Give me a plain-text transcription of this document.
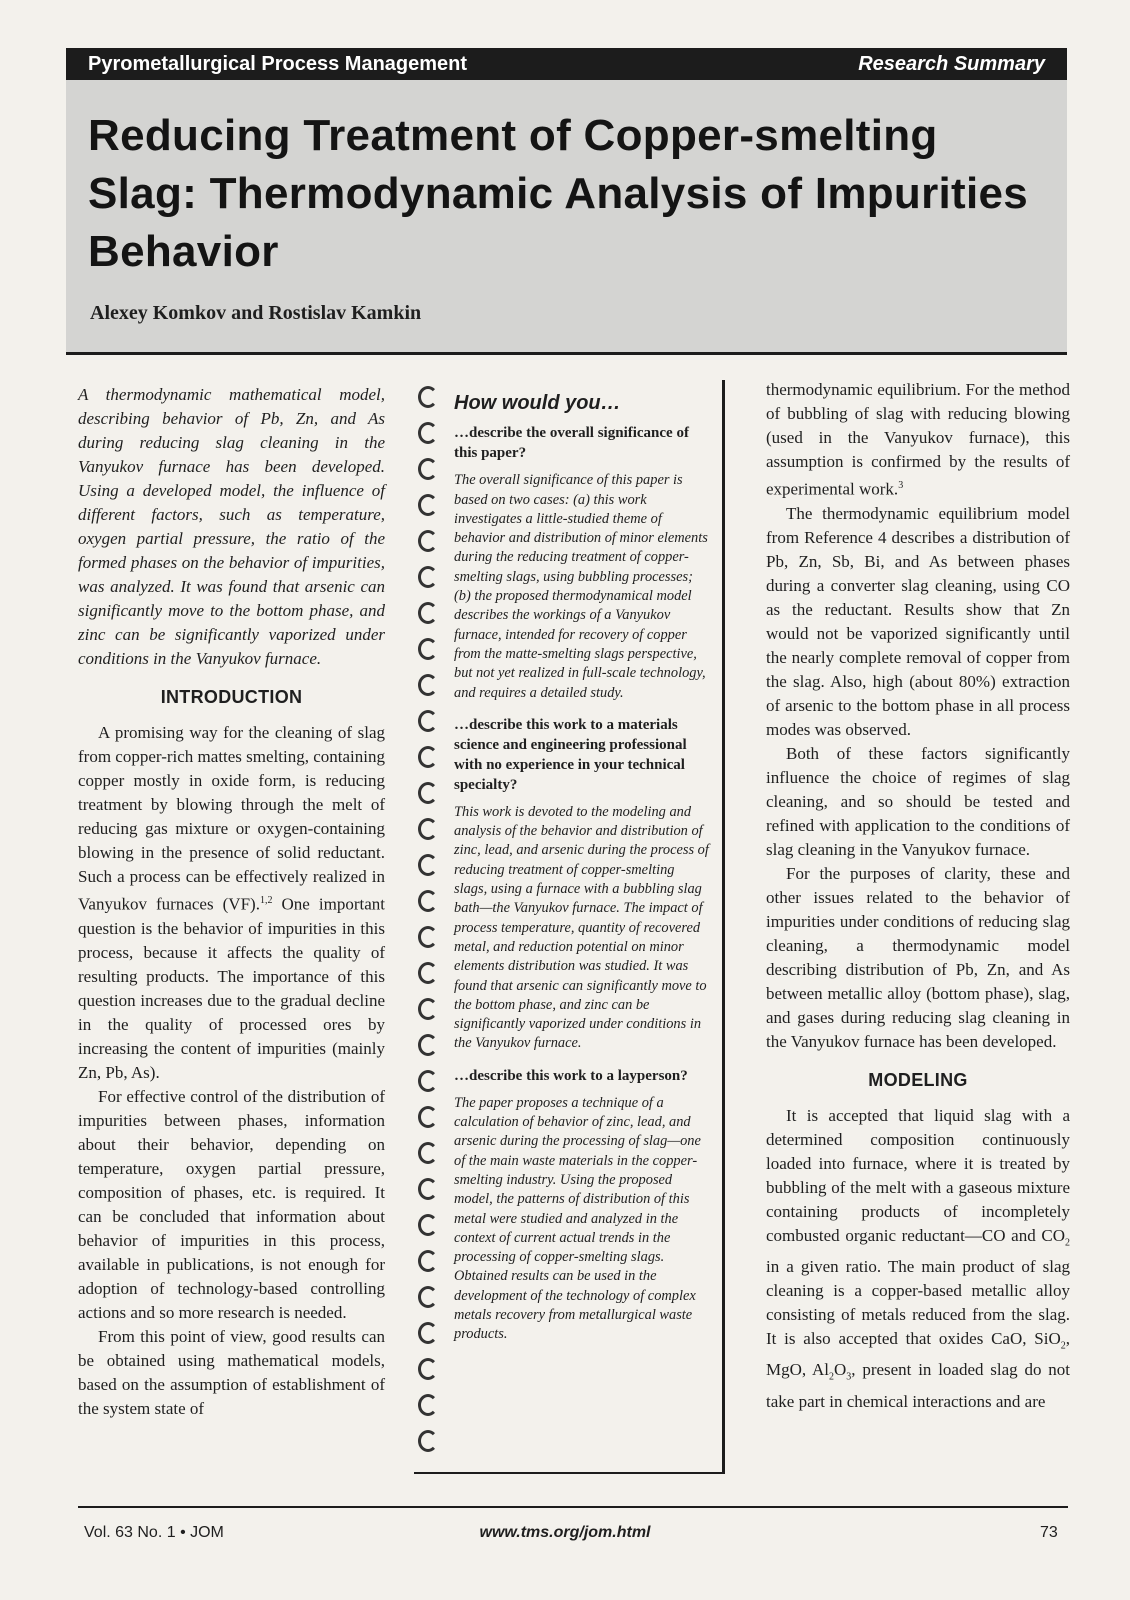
Pyrometallurgical Process Management	Research Summary
Reducing Treatment of Copper-smelting Slag: Thermodynamic Analysis of Impurities Behavior

Alexey Komkov and Rostislav Kamkin

A thermodynamic mathematical model, describing behavior of Pb, Zn, and As during reducing slag cleaning in the Vanyukov furnace has been developed. Using a developed model, the influence of different factors, such as temperature, oxygen partial pressure, the ratio of the formed phases on the behavior of impurities, was analyzed. It was found that arsenic can significantly move to the bottom phase, and zinc can be significantly vaporized under conditions in the Vanyukov furnace.

INTRODUCTION

A promising way for the cleaning of slag from copper-rich mattes smelting, containing copper mostly in oxide form, is reducing treatment by blowing through the melt of reducing gas mixture or oxygen-containing blowing in the presence of solid reductant. Such a process can be effectively realized in Vanyukov furnaces (VF).$^{1,2}$ One important question is the behavior of impurities in this process, because it affects the quality of resulting products. The importance of this question increases due to the gradual decline in the quality of processed ores by increasing the content of impurities (mainly Zn, Pb, As).

For effective control of the distribution of impurities between phases, information about their behavior, depending on temperature, oxygen partial pressure, composition of phases, etc. is required. It can be concluded that information about behavior of impurities in this process, available in publications, is not enough for adoption of technology-based controlling actions and so more research is needed.

From this point of view, good results can be obtained using mathematical models, based on the assumption of establishment of the system state of

How would you…

…describe the overall significance of this paper?

The overall significance of this paper is based on two cases: (a) this work investigates a little-studied theme of behavior and distribution of minor elements during the reducing treatment of copper-smelting slags, using bubbling processes; (b) the proposed thermodynamical model describes the workings of a Vanyukov furnace, intended for recovery of copper from the matte-smelting slags perspective, but not yet realized in full-scale technology, and requires a detailed study.

…describe this work to a materials science and engineering professional with no experience in your technical specialty?

This work is devoted to the modeling and analysis of the behavior and distribution of zinc, lead, and arsenic during the process of reducing treatment of copper-smelting slags, using a furnace with a bubbling slag bath—the Vanyukov furnace. The impact of process temperature, quantity of recovered metal, and reduction potential on minor elements distribution was studied. It was found that arsenic can significantly move to the bottom phase, and zinc can be significantly vaporized under conditions in the Vanyukov furnace.

…describe this work to a layperson?

The paper proposes a technique of a calculation of behavior of zinc, lead, and arsenic during the processing of slag—one of the main waste materials in the copper-smelting industry. Using the proposed model, the patterns of distribution of this metal were studied and analyzed in the context of current actual trends in the processing of copper-smelting slags. Obtained results can be used in the development of the technology of complex metals recovery from metallurgical waste products.

thermodynamic equilibrium. For the method of bubbling of slag with reducing blowing (used in the Vanyukov furnace), this assumption is confirmed by the results of experimental work.$^3$

The thermodynamic equilibrium model from Reference 4 describes a distribution of Pb, Zn, Sb, Bi, and As between phases during a converter slag cleaning, using CO as the reductant. Results show that Zn would not be vaporized significantly until the nearly complete removal of copper from the slag. Also, high (about 80%) extraction of arsenic to the bottom phase in all process modes was observed.

Both of these factors significantly influence the choice of regimes of slag cleaning, and so should be tested and refined with application to the conditions of slag cleaning in the Vanyukov furnace.

For the purposes of clarity, these and other issues related to the behavior of impurities under conditions of reducing slag cleaning, a thermodynamic model describing distribution of Pb, Zn, and As between metallic alloy (bottom phase), slag, and gases during reducing slag cleaning in the Vanyukov furnace has been developed.

MODELING

It is accepted that liquid slag with a determined composition continuously loaded into furnace, where it is treated by bubbling of the melt with a gaseous mixture containing products of incompletely combusted organic reductant—CO and $CO_2$ in a given ratio. The main product of slag cleaning is a copper-based metallic alloy consisting of metals reduced from the slag. It is also accepted that oxides CaO, SiO$_2$, MgO, $Al_2O_3$, present in loaded slag do not take part in chemical interactions and are

Vol. 63 No. 1 • JOM	www.tms.org/jom.html	73
